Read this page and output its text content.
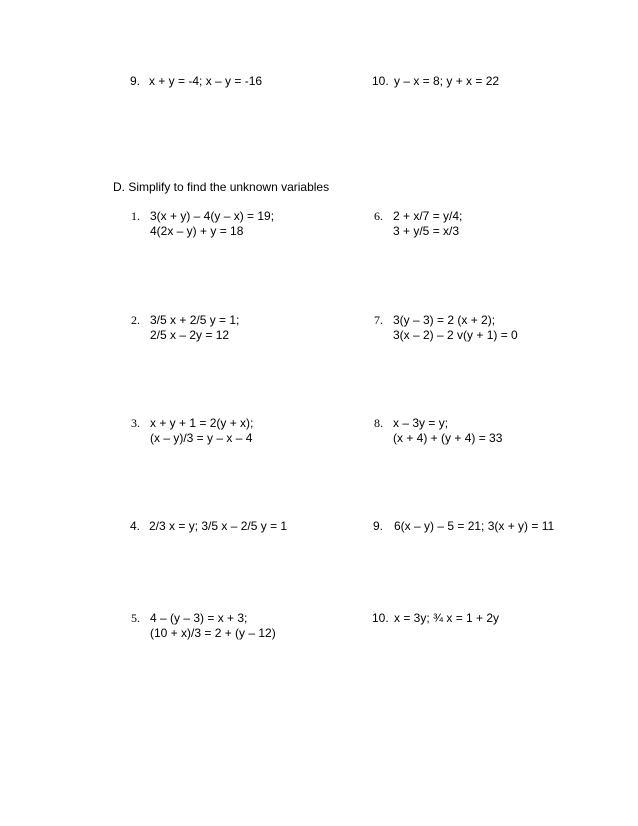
9. x + y = -4; x – y = -16	10. y – x = 8; y + x = 22
D. Simplify to find the unknown variables
1. 3(x + y) – 4(y – x) = 19;
4(2x – y) + y = 18
2. 3/5 x + 2/5 y = 1;
2/5 x – 2y = 12
3. x + y + 1 = 2(y + x);
(x – y)/3 = y – x – 4
4. 2/3 x = y; 3/5 x – 2/5 y = 1
5. 4 – (y – 3) = x + 3;
(10 + x)/3 = 2 + (y – 12)
6. 2 + x/7 = y/4;
3 + y/5 = x/3
7. 3(y – 3) = 2 (x + 2);
3(x – 2) – 2 v(y + 1) = 0
8. x – 3y = y;
(x + 4) + (y + 4) = 33
9. 6(x – y) – 5 = 21; 3(x + y) = 11
10. x = 3y; ¾ x = 1 + 2y
